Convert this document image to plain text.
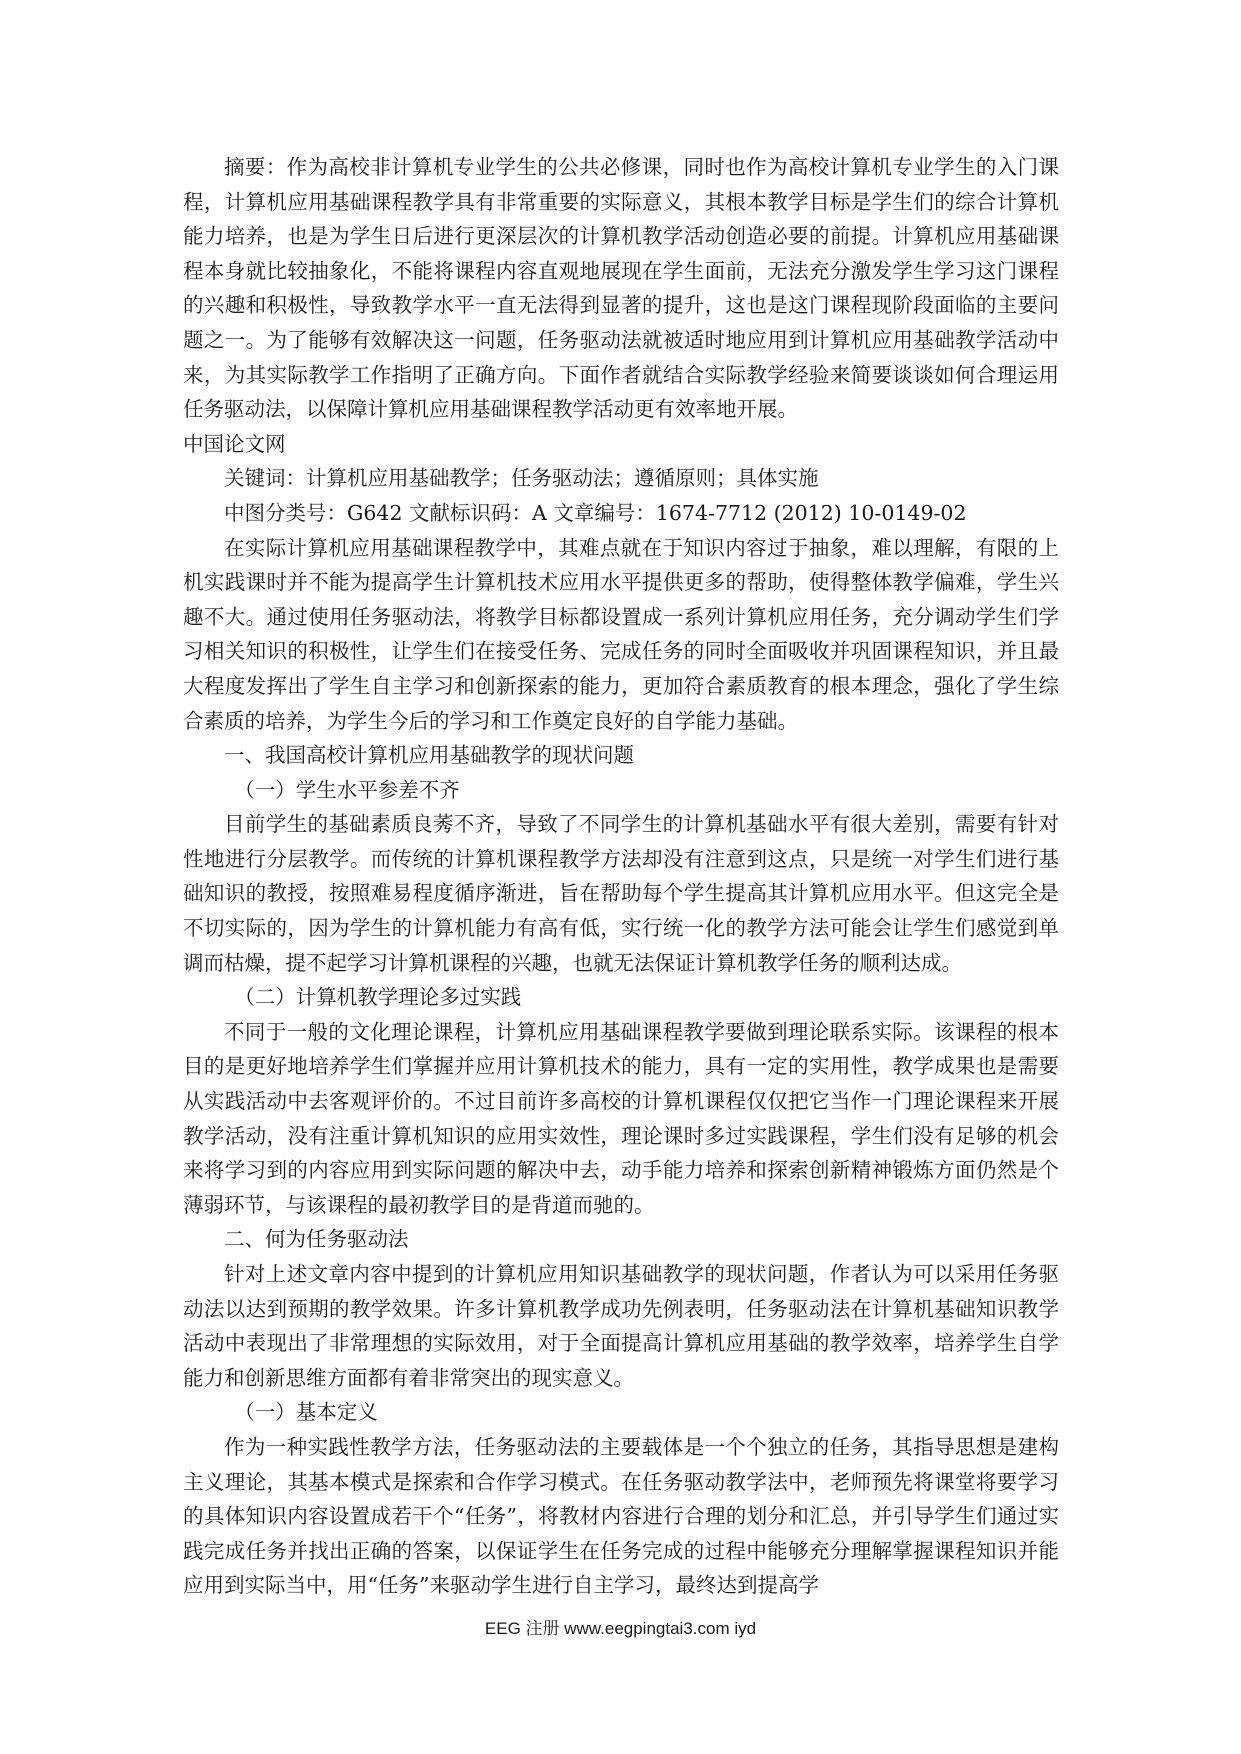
摘要：作为高校非计算机专业学生的公共必修课，同时也作为高校计算机专业学生的入门课程，计算机应用基础课程教学具有非常重要的实际意义，其根本教学目标是学生们的综合计算机能力培养，也是为学生日后进行更深层次的计算机教学活动创造必要的前提。计算机应用基础课程本身就比较抽象化，不能将课程内容直观地展现在学生面前，无法充分激发学生学习这门课程的兴趣和积极性，导致教学水平一直无法得到显著的提升，这也是这门课程现阶段面临的主要问题之一。为了能够有效解决这一问题，任务驱动法就被适时地应用到计算机应用基础教学活动中来，为其实际教学工作指明了正确方向。下面作者就结合实际教学经验来简要谈谈如何合理运用任务驱动法，以保障计算机应用基础课程教学活动更有效率地开展。

中国论文网

关键词：计算机应用基础教学；任务驱动法；遵循原则；具体实施

中图分类号：G642 文献标识码：A 文章编号：1674-7712 (2012) 10-0149-02

在实际计算机应用基础课程教学中，其难点就在于知识内容过于抽象，难以理解，有限的上机实践课时并不能为提高学生计算机技术应用水平提供更多的帮助，使得整体教学偏难，学生兴趣不大。通过使用任务驱动法，将教学目标都设置成一系列计算机应用任务，充分调动学生们学习相关知识的积极性，让学生们在接受任务、完成任务的同时全面吸收并巩固课程知识，并且最大程度发挥出了学生自主学习和创新探索的能力，更加符合素质教育的根本理念，强化了学生综合素质的培养，为学生今后的学习和工作奠定良好的自学能力基础。

一、我国高校计算机应用基础教学的现状问题

（一）学生水平参差不齐

目前学生的基础素质良莠不齐，导致了不同学生的计算机基础水平有很大差别，需要有针对性地进行分层教学。而传统的计算机课程教学方法却没有注意到这点，只是统一对学生们进行基础知识的教授，按照难易程度循序渐进，旨在帮助每个学生提高其计算机应用水平。但这完全是不切实际的，因为学生的计算机能力有高有低，实行统一化的教学方法可能会让学生们感觉到单调而枯燥，提不起学习计算机课程的兴趣，也就无法保证计算机教学任务的顺利达成。

（二）计算机教学理论多过实践

不同于一般的文化理论课程，计算机应用基础课程教学要做到理论联系实际。该课程的根本目的是更好地培养学生们掌握并应用计算机技术的能力，具有一定的实用性，教学成果也是需要从实践活动中去客观评价的。不过目前许多高校的计算机课程仅仅把它当作一门理论课程来开展教学活动，没有注重计算机知识的应用实效性，理论课时多过实践课程，学生们没有足够的机会来将学习到的内容应用到实际问题的解决中去，动手能力培养和探索创新精神锻炼方面仍然是个薄弱环节，与该课程的最初教学目的是背道而驰的。

二、何为任务驱动法

针对上述文章内容中提到的计算机应用知识基础教学的现状问题，作者认为可以采用任务驱动法以达到预期的教学效果。许多计算机教学成功先例表明，任务驱动法在计算机基础知识教学活动中表现出了非常理想的实际效用，对于全面提高计算机应用基础的教学效率，培养学生自学能力和创新思维方面都有着非常突出的现实意义。

（一）基本定义

作为一种实践性教学方法，任务驱动法的主要载体是一个个独立的任务，其指导思想是建构主义理论，其基本模式是探索和合作学习模式。在任务驱动教学法中，老师预先将课堂将要学习的具体知识内容设置成若干个“任务”，将教材内容进行合理的划分和汇总，并引导学生们通过实践完成任务并找出正确的答案，以保证学生在任务完成的过程中能够充分理解掌握课程知识并能应用到实际当中，用“任务”来驱动学生进行自主学习，最终达到提高学

EEG 注册 www.eegpingtai3.com iyd
